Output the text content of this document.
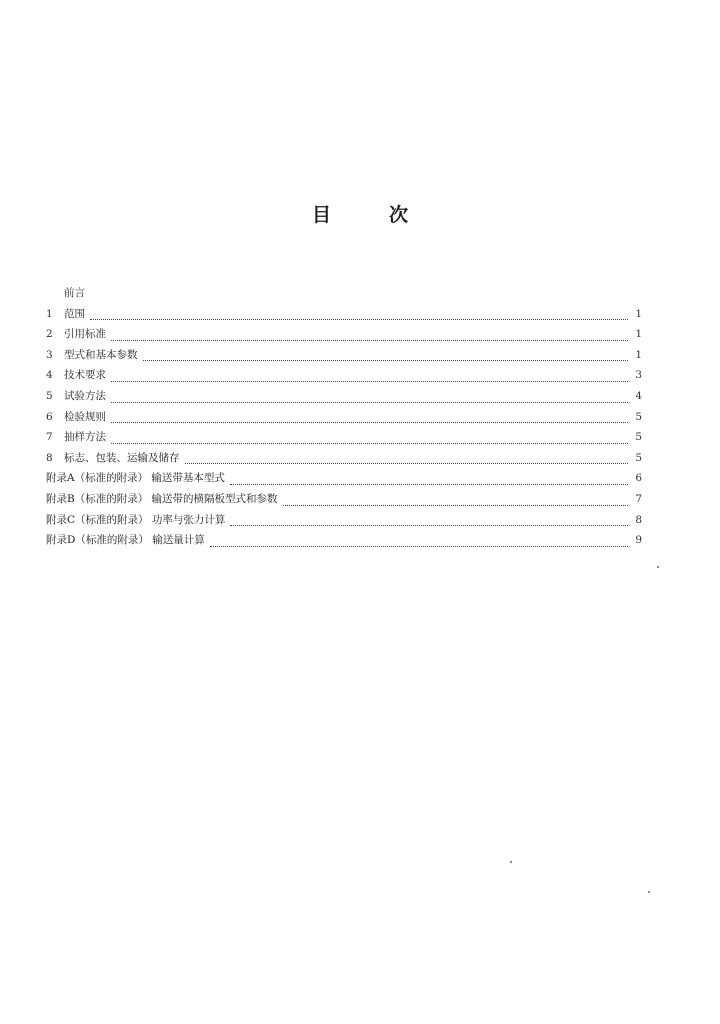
目	次
前言
1	范围	1
2	引用标准	1
3	型式和基本参数	1
4	技术要求	3
5	试验方法	4
6	检验规则	5
7	抽样方法	5
8	标志、包装、运输及储存	5
附录A（标准的附录） 输送带基本型式	6
附录B（标准的附录） 输送带的横隔板型式和参数	7
附录C（标准的附录） 功率与张力计算	8
附录D（标准的附录） 输送量计算	9
